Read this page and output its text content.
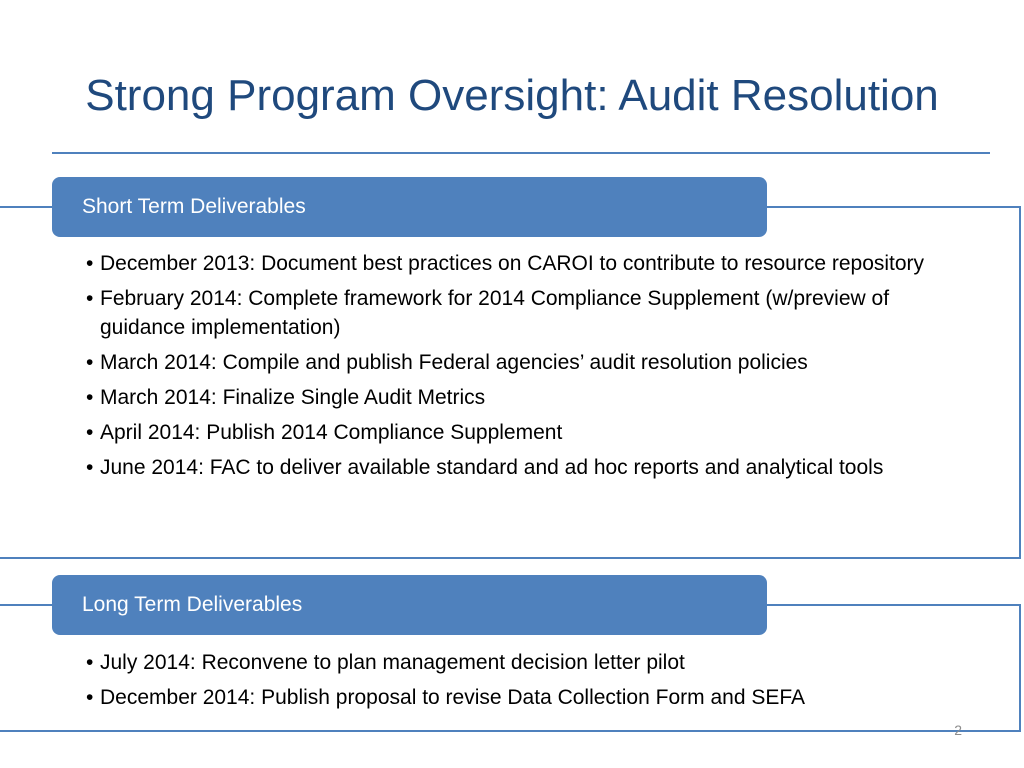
Strong Program Oversight: Audit Resolution
Short Term Deliverables
• December 2013: Document best practices on CAROI to contribute to resource repository
• February 2014: Complete framework for 2014 Compliance Supplement (w/preview of guidance implementation)
• March 2014: Compile and publish Federal agencies’ audit resolution policies
• March 2014: Finalize Single Audit Metrics
• April 2014: Publish 2014 Compliance Supplement
• June 2014: FAC to deliver available standard and ad hoc reports and analytical tools
Long Term Deliverables
• July 2014: Reconvene to plan management decision letter pilot
• December 2014: Publish proposal to revise Data Collection Form and SEFA
2
